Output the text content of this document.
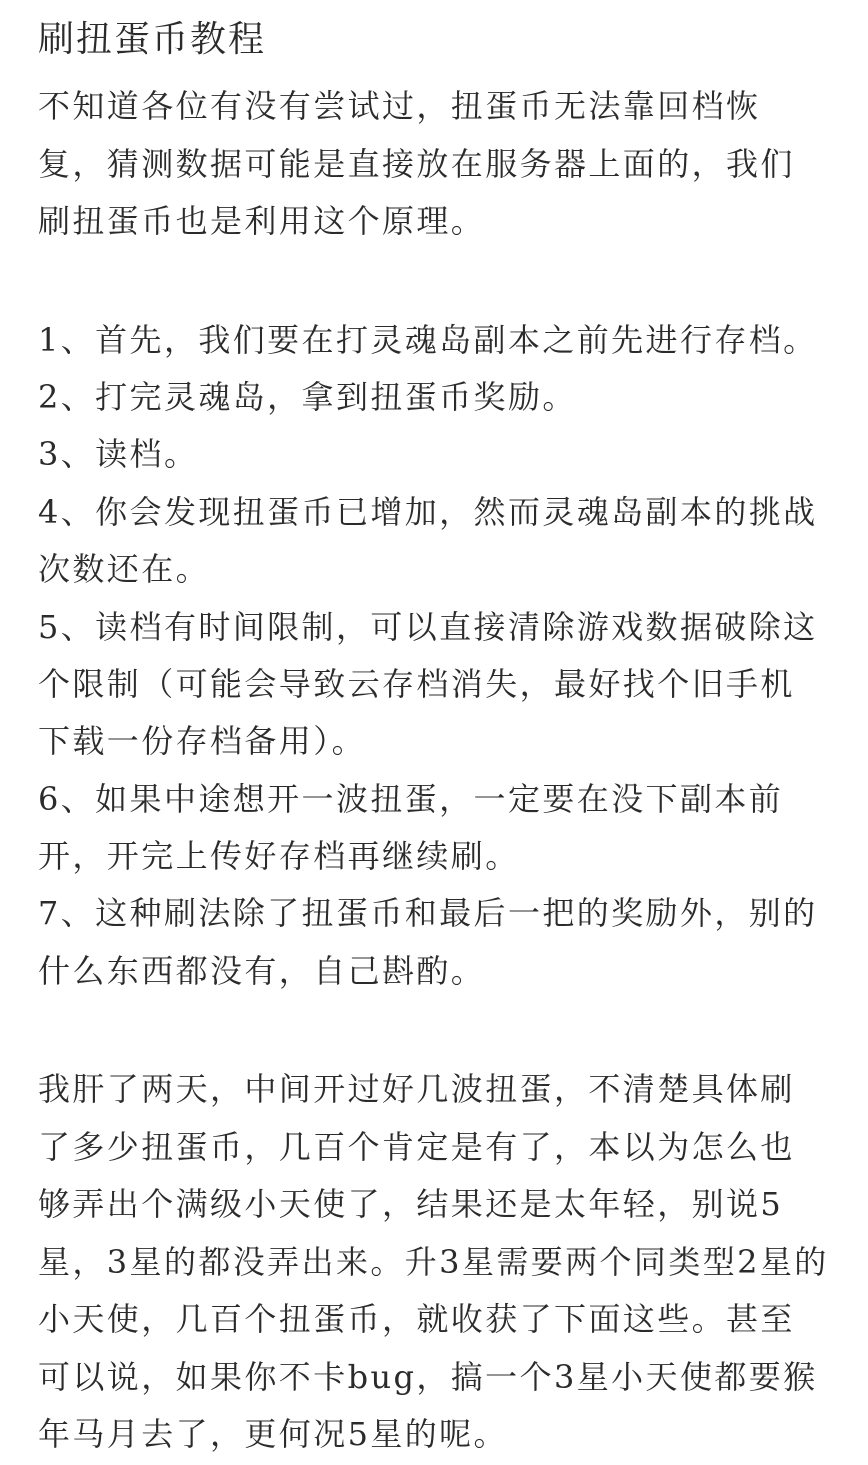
刷扭蛋币教程

不知道各位有没有尝试过，扭蛋币无法靠回档恢

复，猜测数据可能是直接放在服务器上面的，我们

刷扭蛋币也是利用这个原理。

1、首先，我们要在打灵魂岛副本之前先进行存档。

2、打完灵魂岛，拿到扭蛋币奖励。

3、读档。

4、你会发现扭蛋币已增加，然而灵魂岛副本的挑战

次数还在。

5、读档有时间限制，可以直接清除游戏数据破除这

个限制（可能会导致云存档消失，最好找个旧手机

下载一份存档备用）。

6、如果中途想开一波扭蛋，一定要在没下副本前

开，开完上传好存档再继续刷。

7、这种刷法除了扭蛋币和最后一把的奖励外，别的

什么东西都没有，自己斟酌。

我肝了两天，中间开过好几波扭蛋，不清楚具体刷

了多少扭蛋币，几百个肯定是有了，本以为怎么也

够弄出个满级小天使了，结果还是太年轻，别说5

星，3星的都没弄出来。升3星需要两个同类型2星的

小天使，几百个扭蛋币，就收获了下面这些。甚至

可以说，如果你不卡bug，搞一个3星小天使都要猴

年马月去了，更何况5星的呢。
